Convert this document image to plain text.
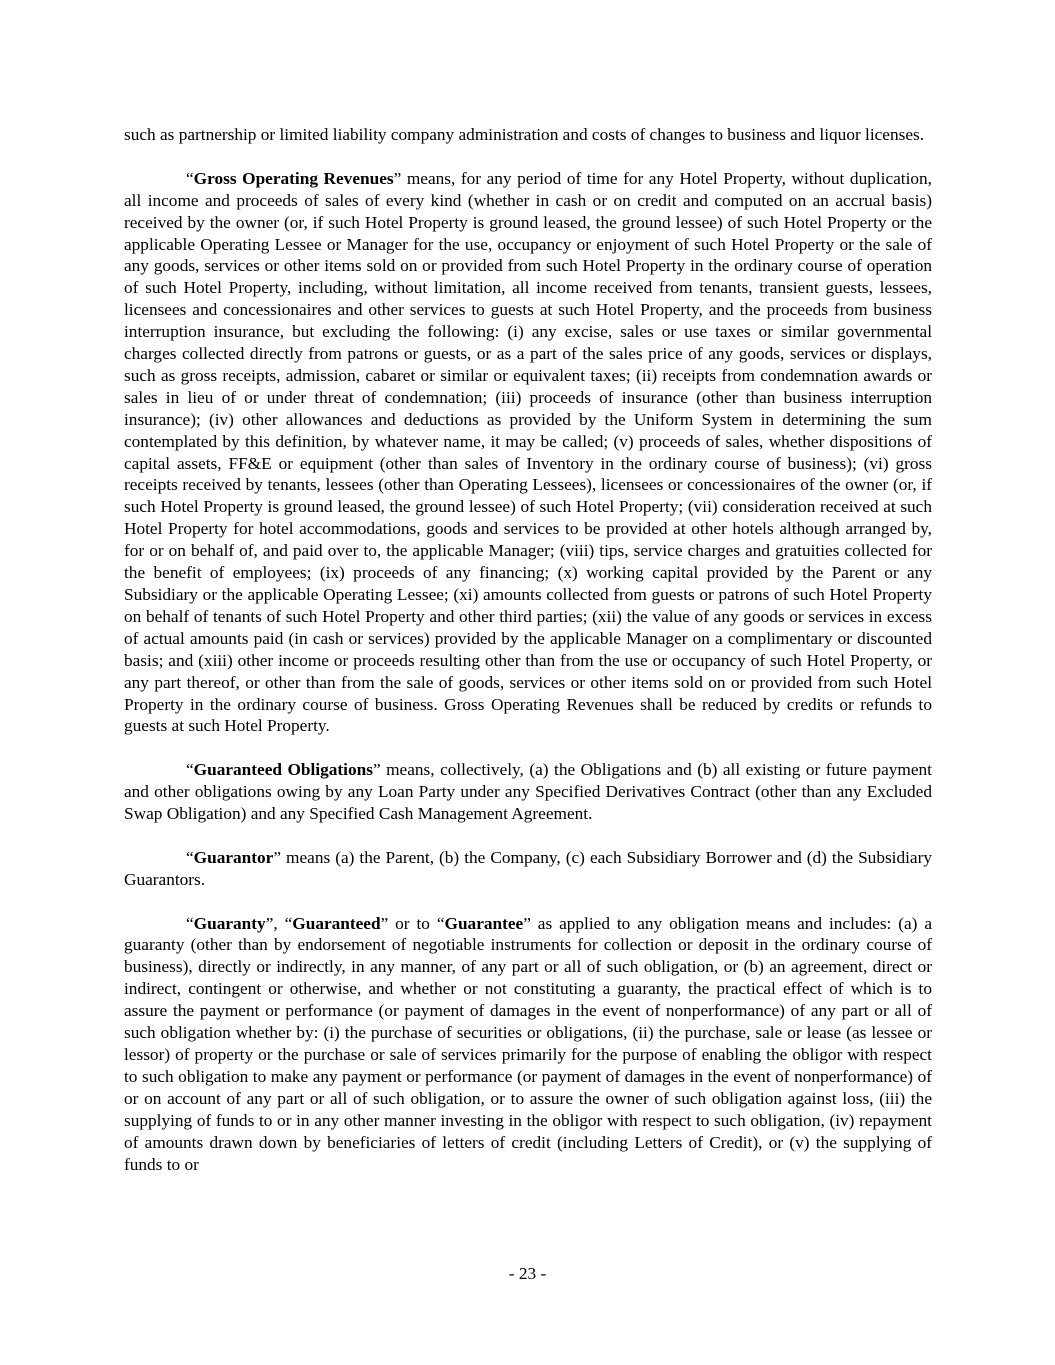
such as partnership or limited liability company administration and costs of changes to business and liquor licenses.

“Gross Operating Revenues” means, for any period of time for any Hotel Property, without duplication, all income and proceeds of sales of every kind (whether in cash or on credit and computed on an accrual basis) received by the owner (or, if such Hotel Property is ground leased, the ground lessee) of such Hotel Property or the applicable Operating Lessee or Manager for the use, occupancy or enjoyment of such Hotel Property or the sale of any goods, services or other items sold on or provided from such Hotel Property in the ordinary course of operation of such Hotel Property, including, without limitation, all income received from tenants, transient guests, lessees, licensees and concessionaires and other services to guests at such Hotel Property, and the proceeds from business interruption insurance, but excluding the following: (i) any excise, sales or use taxes or similar governmental charges collected directly from patrons or guests, or as a part of the sales price of any goods, services or displays, such as gross receipts, admission, cabaret or similar or equivalent taxes; (ii) receipts from condemnation awards or sales in lieu of or under threat of condemnation; (iii) proceeds of insurance (other than business interruption insurance); (iv) other allowances and deductions as provided by the Uniform System in determining the sum contemplated by this definition, by whatever name, it may be called; (v) proceeds of sales, whether dispositions of capital assets, FF&E or equipment (other than sales of Inventory in the ordinary course of business); (vi) gross receipts received by tenants, lessees (other than Operating Lessees), licensees or concessionaires of the owner (or, if such Hotel Property is ground leased, the ground lessee) of such Hotel Property; (vii) consideration received at such Hotel Property for hotel accommodations, goods and services to be provided at other hotels although arranged by, for or on behalf of, and paid over to, the applicable Manager; (viii) tips, service charges and gratuities collected for the benefit of employees; (ix) proceeds of any financing; (x) working capital provided by the Parent or any Subsidiary or the applicable Operating Lessee; (xi) amounts collected from guests or patrons of such Hotel Property on behalf of tenants of such Hotel Property and other third parties; (xii) the value of any goods or services in excess of actual amounts paid (in cash or services) provided by the applicable Manager on a complimentary or discounted basis; and (xiii) other income or proceeds resulting other than from the use or occupancy of such Hotel Property, or any part thereof, or other than from the sale of goods, services or other items sold on or provided from such Hotel Property in the ordinary course of business. Gross Operating Revenues shall be reduced by credits or refunds to guests at such Hotel Property.

“Guaranteed Obligations” means, collectively, (a) the Obligations and (b) all existing or future payment and other obligations owing by any Loan Party under any Specified Derivatives Contract (other than any Excluded Swap Obligation) and any Specified Cash Management Agreement.

“Guarantor” means (a) the Parent, (b) the Company, (c) each Subsidiary Borrower and (d) the Subsidiary Guarantors.

“Guaranty”, “Guaranteed” or to “Guarantee” as applied to any obligation means and includes: (a) a guaranty (other than by endorsement of negotiable instruments for collection or deposit in the ordinary course of business), directly or indirectly, in any manner, of any part or all of such obligation, or (b) an agreement, direct or indirect, contingent or otherwise, and whether or not constituting a guaranty, the practical effect of which is to assure the payment or performance (or payment of damages in the event of nonperformance) of any part or all of such obligation whether by: (i) the purchase of securities or obligations, (ii) the purchase, sale or lease (as lessee or lessor) of property or the purchase or sale of services primarily for the purpose of enabling the obligor with respect to such obligation to make any payment or performance (or payment of damages in the event of nonperformance) of or on account of any part or all of such obligation, or to assure the owner of such obligation against loss, (iii) the supplying of funds to or in any other manner investing in the obligor with respect to such obligation, (iv) repayment of amounts drawn down by beneficiaries of letters of credit (including Letters of Credit), or (v) the supplying of funds to or

- 23 -
